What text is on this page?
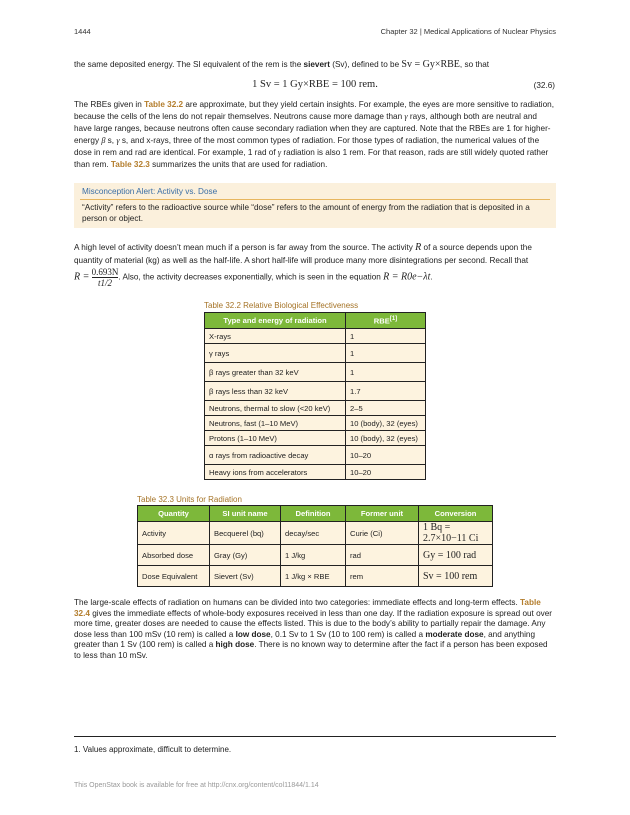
1444	Chapter 32 | Medical Applications of Nuclear Physics
the same deposited energy. The SI equivalent of the rem is the sievert (Sv), defined to be Sv = Gy×RBE, so that
1 Sv = 1 Gy×RBE = 100 rem.	(32.6)
The RBEs given in Table 32.2 are approximate, but they yield certain insights. For example, the eyes are more sensitive to radiation, because the cells of the lens do not repair themselves. Neutrons cause more damage than γ rays, although both are neutral and have large ranges, because neutrons often cause secondary radiation when they are captured. Note that the RBEs are 1 for higher-energy β s, γ s, and x-rays, three of the most common types of radiation. For those types of radiation, the numerical values of the dose in rem and rad are identical. For example, 1 rad of γ radiation is also 1 rem. For that reason, rads are still widely quoted rather than rem. Table 32.3 summarizes the units that are used for radiation.
Misconception Alert: Activity vs. Dose
“Activity” refers to the radioactive source while “dose” refers to the amount of energy from the radiation that is deposited in a person or object.
A high level of activity doesn’t mean much if a person is far away from the source. The activity R of a source depends upon the quantity of material (kg) as well as the half-life. A short half-life will produce many more disintegrations per second. Recall that
$R = \frac{0.693N}{t1/2}$ . Also, the activity decreases exponentially, which is seen in the equation R = R0e−λt.
Table 32.2 Relative Biological Effectiveness
Type and energy of radiation	RBE[1]
X-rays	1
γ rays	1
β rays greater than 32 keV	1
β rays less than 32 keV	1.7
Neutrons, thermal to slow (<20 keV)	2–5
Neutrons, fast (1–10 MeV)	10 (body), 32 (eyes)
Protons (1–10 MeV)	10 (body), 32 (eyes)
α rays from radioactive decay	10–20
Heavy ions from accelerators	10–20
Table 32.3 Units for Radiation
Quantity	SI unit name	Definition	Former unit	Conversion
Activity	Becquerel (bq)	decay/sec	Curie (Ci)	1 Bq = 2.7×10−11 Ci
Absorbed dose	Gray (Gy)	1 J/kg	rad	Gy = 100 rad
Dose Equivalent	Sievert (Sv)	1 J/kg × RBE	rem	Sv = 100 rem
The large-scale effects of radiation on humans can be divided into two categories: immediate effects and long-term effects. Table 32.4 gives the immediate effects of whole-body exposures received in less than one day. If the radiation exposure is spread out over more time, greater doses are needed to cause the effects listed. This is due to the body’s ability to partially repair the damage. Any dose less than 100 mSv (10 rem) is called a low dose, 0.1 Sv to 1 Sv (10 to 100 rem) is called a moderate dose, and anything greater than 1 Sv (100 rem) is called a high dose. There is no known way to determine after the fact if a person has been exposed to less than 10 mSv.
1. Values approximate, difficult to determine.
This OpenStax book is available for free at http://cnx.org/content/col11844/1.14
